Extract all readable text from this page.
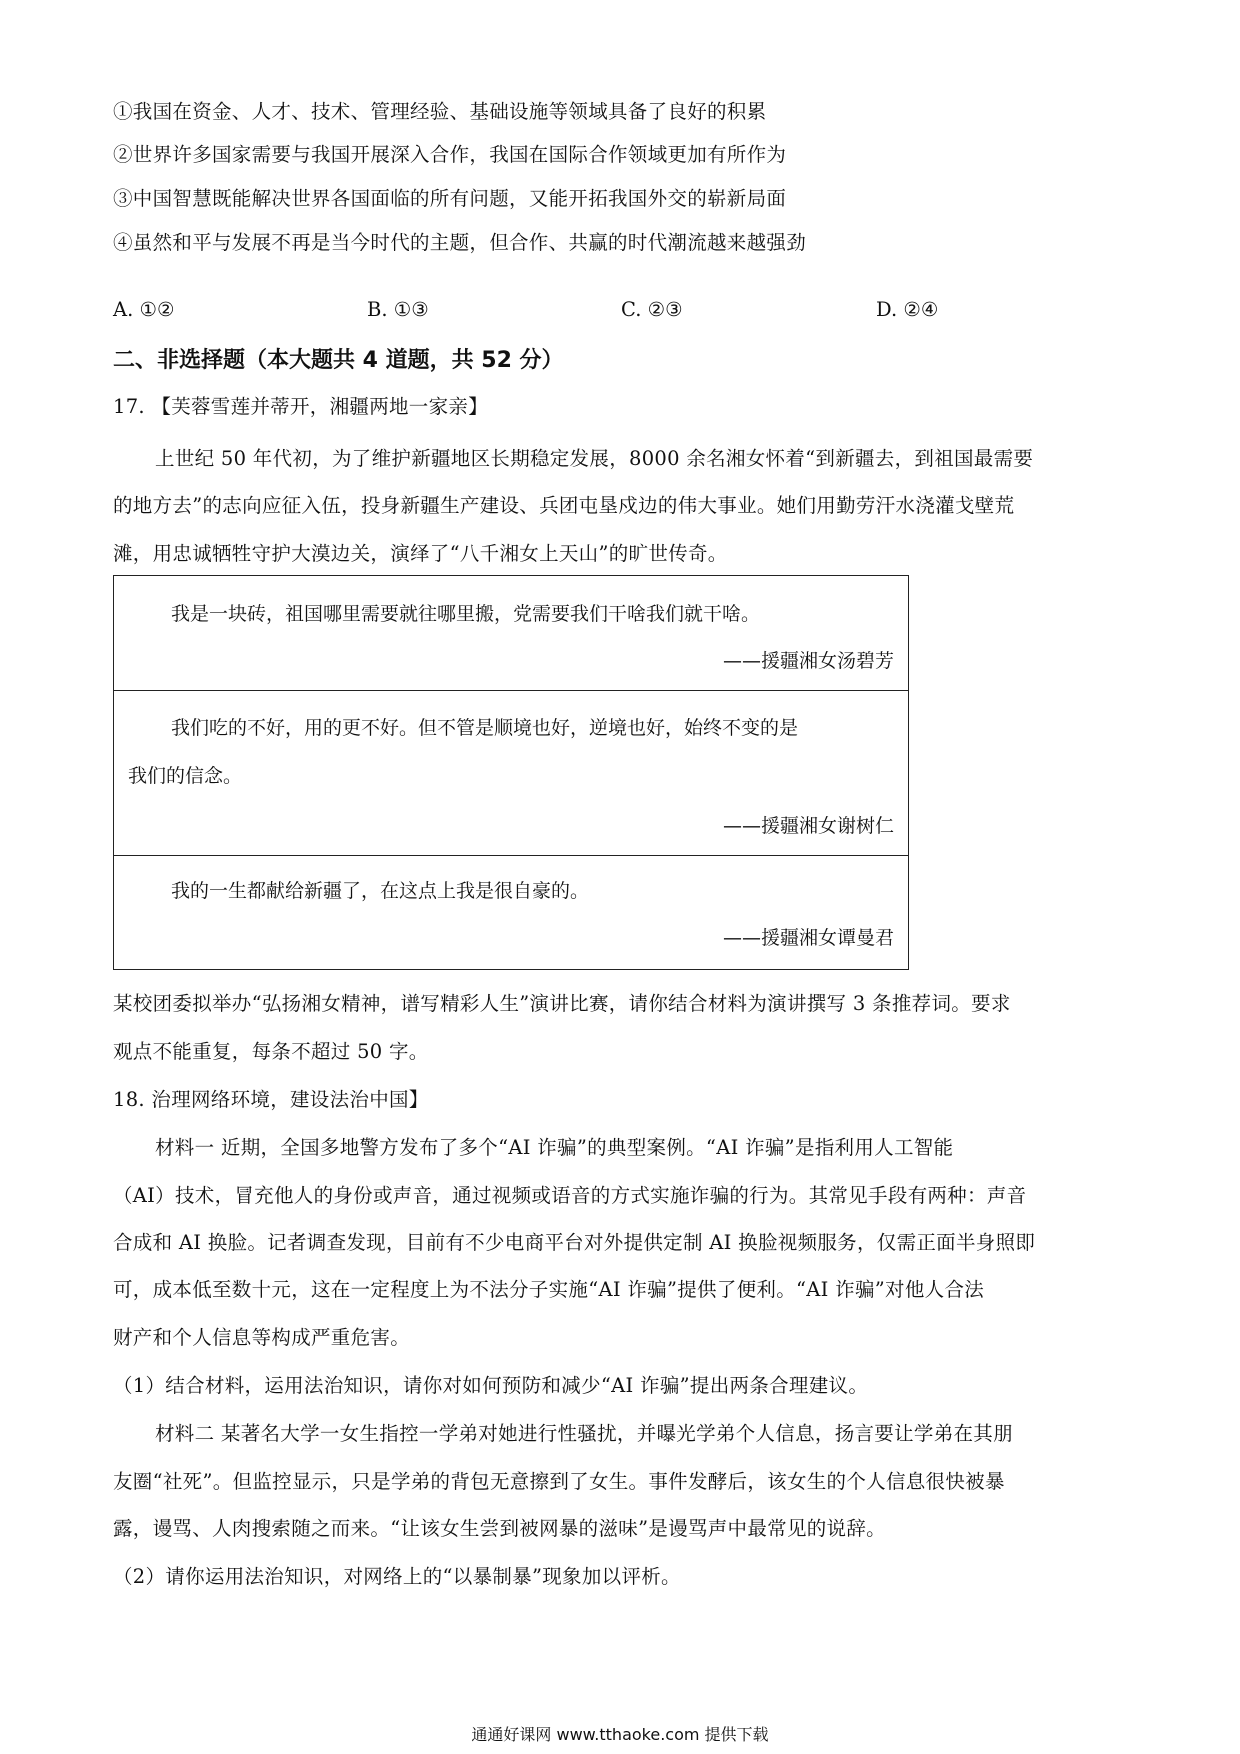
①我国在资金、人才、技术、管理经验、基础设施等领域具备了良好的积累
②世界许多国家需要与我国开展深入合作，我国在国际合作领域更加有所作为
③中国智慧既能解决世界各国面临的所有问题，又能开拓我国外交的崭新局面
④虽然和平与发展不再是当今时代的主题，但合作、共赢的时代潮流越来越强劲
A. ①②	B. ①③	C. ②③	D. ②④
二、非选择题（本大题共 4 道题，共 52 分）
17. 【芙蓉雪莲并蒂开，湘疆两地一家亲】
上世纪 50 年代初，为了维护新疆地区长期稳定发展，8000 余名湘女怀着“到新疆去，到祖国最需要
的地方去”的志向应征入伍，投身新疆生产建设、兵团屯垦戍边的伟大事业。她们用勤劳汗水浇灌戈壁荒
滩，用忠诚牺牲守护大漠边关，演绎了“八千湘女上天山”的旷世传奇。
我是一块砖，祖国哪里需要就往哪里搬，党需要我们干啥我们就干啥。
——援疆湘女汤碧芳
我们吃的不好，用的更不好。但不管是顺境也好，逆境也好，始终不变的是
我们的信念。
——援疆湘女谢树仁
我的一生都献给新疆了，在这点上我是很自豪的。
——援疆湘女谭曼君
某校团委拟举办“弘扬湘女精神，谱写精彩人生”演讲比赛，请你结合材料为演讲撰写 3 条推荐词。要求
观点不能重复，每条不超过 50 字。
18. 治理网络环境，建设法治中国】
材料一 近期，全国多地警方发布了多个“AI 诈骗”的典型案例。“AI 诈骗”是指利用人工智能
（AI）技术，冒充他人的身份或声音，通过视频或语音的方式实施诈骗的行为。其常见手段有两种：声音
合成和 AI 换脸。记者调查发现，目前有不少电商平台对外提供定制 AI 换脸视频服务，仅需正面半身照即
可，成本低至数十元，这在一定程度上为不法分子实施“AI 诈骗”提供了便利。“AI 诈骗”对他人合法
财产和个人信息等构成严重危害。
（1）结合材料，运用法治知识，请你对如何预防和减少“AI 诈骗”提出两条合理建议。
材料二 某著名大学一女生指控一学弟对她进行性骚扰，并曝光学弟个人信息，扬言要让学弟在其朋
友圈“社死”。但监控显示，只是学弟的背包无意擦到了女生。事件发酵后，该女生的个人信息很快被暴
露，谩骂、人肉搜索随之而来。“让该女生尝到被网暴的滋味”是谩骂声中最常见的说辞。
（2）请你运用法治知识，对网络上的“以暴制暴”现象加以评析。
通通好课网 www.tthaoke.com 提供下载
